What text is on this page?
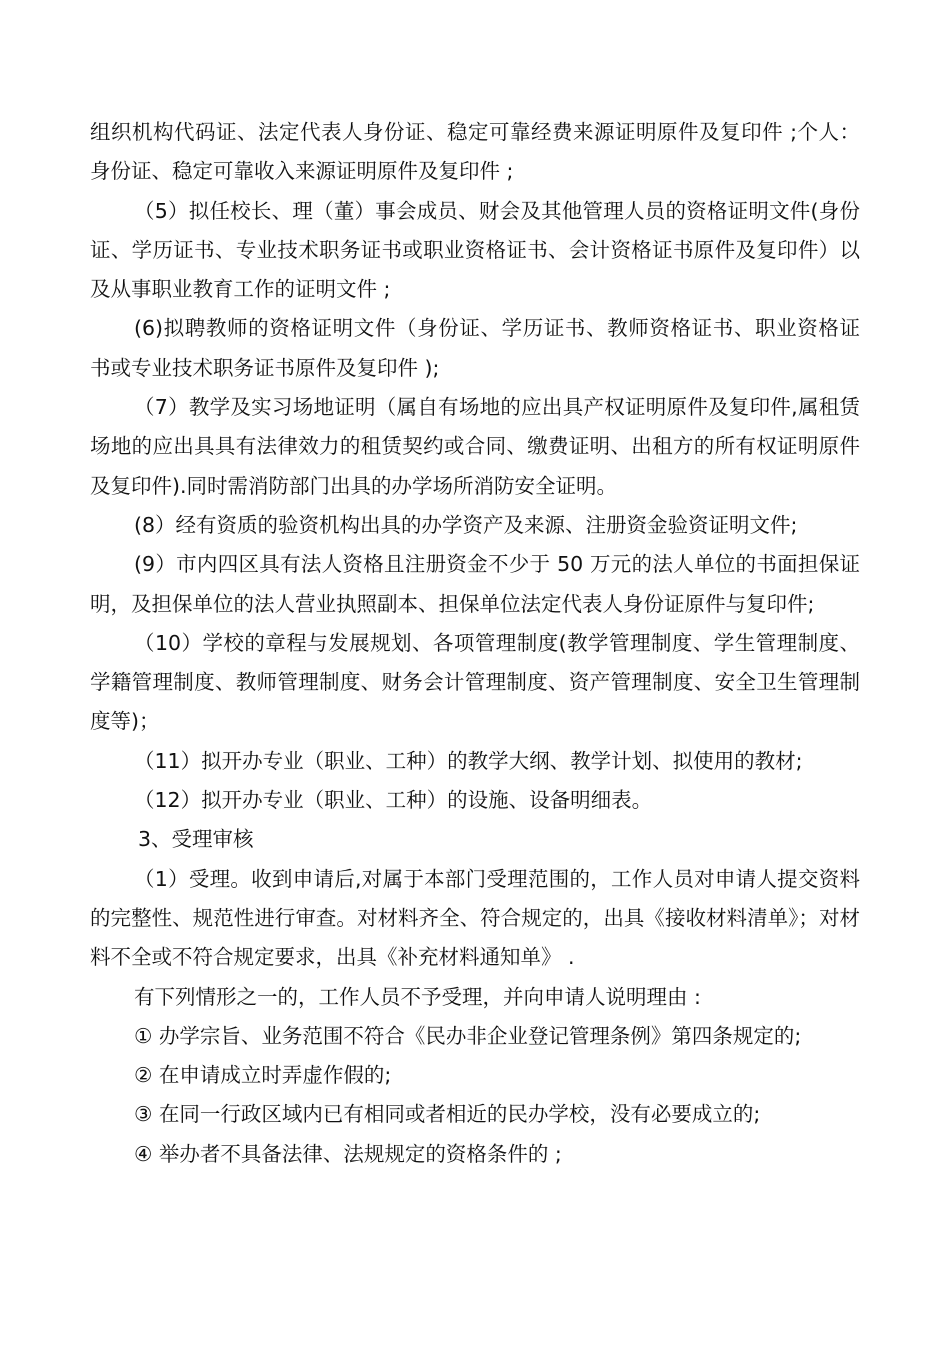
组织机构代码证、法定代表人身份证、稳定可靠经费来源证明原件及复印件 ;个人：身份证、稳定可靠收入来源证明原件及复印件 ;

（5）拟任校长、理（董）事会成员、财会及其他管理人员的资格证明文件(身份证、学历证书、专业技术职务证书或职业资格证书、会计资格证书原件及复印件）以及从事职业教育工作的证明文件 ;

(6)拟聘教师的资格证明文件（身份证、学历证书、教师资格证书、职业资格证书或专业技术职务证书原件及复印件 );

（7）教学及实习场地证明（属自有场地的应出具产权证明原件及复印件,属租赁场地的应出具具有法律效力的租赁契约或合同、缴费证明、出租方的所有权证明原件及复印件).同时需消防部门出具的办学场所消防安全证明。

(8）经有资质的验资机构出具的办学资产及来源、注册资金验资证明文件;

(9）市内四区具有法人资格且注册资金不少于 50 万元的法人单位的书面担保证明，及担保单位的法人营业执照副本、担保单位法定代表人身份证原件与复印件;

（10）学校的章程与发展规划、各项管理制度(教学管理制度、学生管理制度、学籍管理制度、教师管理制度、财务会计管理制度、资产管理制度、安全卫生管理制度等)；

（11）拟开办专业（职业、工种）的教学大纲、教学计划、拟使用的教材;

（12）拟开办专业（职业、工种）的设施、设备明细表。

3、受理审核

（1）受理。收到申请后,对属于本部门受理范围的，工作人员对申请人提交资料的完整性、规范性进行审查。对材料齐全、符合规定的，出具《接收材料清单》；对材料不全或不符合规定要求，出具《补充材料通知单》 .

有下列情形之一的，工作人员不予受理，并向申请人说明理由 :

① 办学宗旨、业务范围不符合《民办非企业登记管理条例》第四条规定的;

② 在申请成立时弄虚作假的;

③ 在同一行政区域内已有相同或者相近的民办学校，没有必要成立的;

④ 举办者不具备法律、法规规定的资格条件的 ;
